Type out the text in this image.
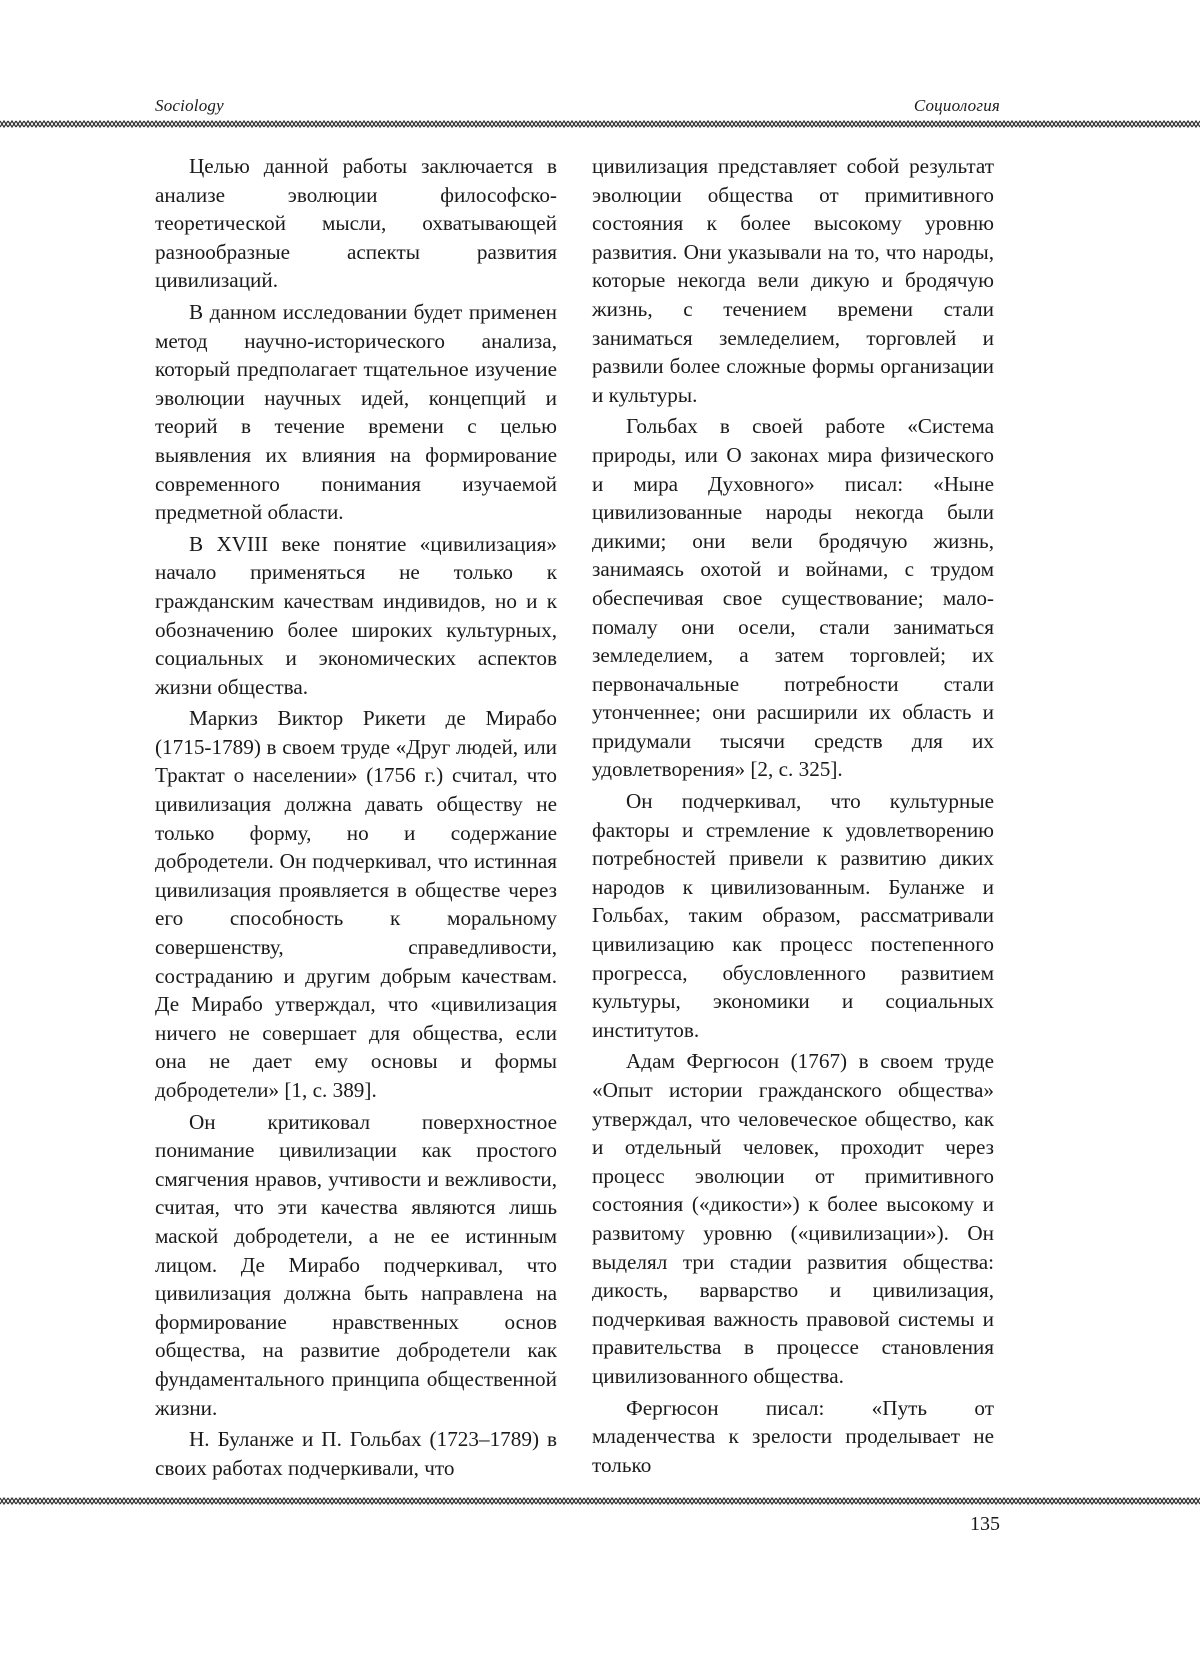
Sociology	Социология

Целью данной работы заключается в анализе эволюции философско-теоретической мысли, охватывающей разнообразные аспекты развития цивилизаций.

В данном исследовании будет применен метод научно-исторического анализа, который предполагает тщательное изучение эволюции научных идей, концепций и теорий в течение времени с целью выявления их влияния на формирование современного понимания изучаемой предметной области.

В XVIII веке понятие «цивилизация» начало применяться не только к гражданским качествам индивидов, но и к обозначению более широких культурных, социальных и экономических аспектов жизни общества.

Маркиз Виктор Рикети де Мирабо (1715-1789) в своем труде «Друг людей, или Трактат о населении» (1756 г.) считал, что цивилизация должна давать обществу не только форму, но и содержание добродетели. Он подчеркивал, что истинная цивилизация проявляется в обществе через его способность к моральному совершенству, справедливости, состраданию и другим добрым качествам. Де Мирабо утверждал, что «цивилизация ничего не совершает для общества, если она не дает ему основы и формы добродетели» [1, с. 389].

Он критиковал поверхностное понимание цивилизации как простого смягчения нравов, учтивости и вежливости, считая, что эти качества являются лишь маской добродетели, а не ее истинным лицом. Де Мирабо подчеркивал, что цивилизация должна быть направлена на формирование нравственных основ общества, на развитие добродетели как фундаментального принципа общественной жизни.

Н. Буланже и П. Гольбах (1723–1789) в своих работах подчеркивали, что

цивилизация представляет собой результат эволюции общества от примитивного состояния к более высокому уровню развития. Они указывали на то, что народы, которые некогда вели дикую и бродячую жизнь, с течением времени стали заниматься земледелием, торговлей и развили более сложные формы организации и культуры.

Гольбах в своей работе «Система природы, или О законах мира физического и мира Духовного» писал: «Ныне цивилизованные народы некогда были дикими; они вели бродячую жизнь, занимаясь охотой и войнами, с трудом обеспечивая свое существование; мало-помалу они осели, стали заниматься земледелием, а затем торговлей; их первоначальные потребности стали утонченнее; они расширили их область и придумали тысячи средств для их удовлетворения» [2, с. 325].

Он подчеркивал, что культурные факторы и стремление к удовлетворению потребностей привели к развитию диких народов к цивилизованным. Буланже и Гольбах, таким образом, рассматривали цивилизацию как процесс постепенного прогресса, обусловленного развитием культуры, экономики и социальных институтов.

Адам Фергюсон (1767) в своем труде «Опыт истории гражданского общества» утверждал, что человеческое общество, как и отдельный человек, проходит через процесс эволюции от примитивного состояния («дикости») к более высокому и развитому уровню («цивилизации»). Он выделял три стадии развития общества: дикость, варварство и цивилизация, подчеркивая важность правовой системы и правительства в процессе становления цивилизованного общества.

Фергюсон писал: «Путь от младенчества к зрелости проделывает не только

135
